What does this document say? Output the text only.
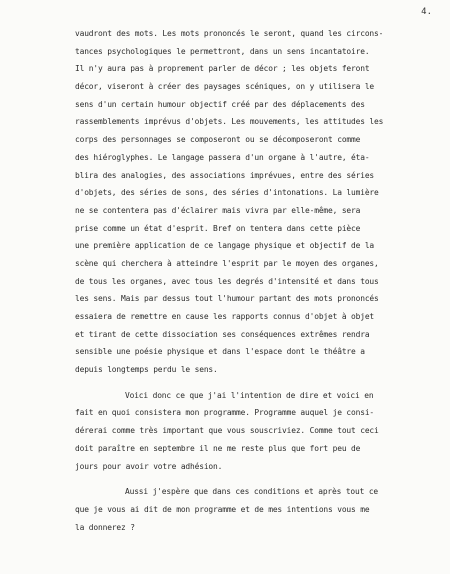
4.
vaudront des mots. Les mots prononcés le seront, quand les circons-
tances psychologiques le permettront, dans un sens incantatoire.
Il n'y aura pas à proprement parler de décor ; les objets feront
décor, viseront à créer des paysages scéniques, on y utilisera le
sens d'un certain humour objectif créé par des déplacements des
rassemblements imprévus d'objets. Les mouvements, les attitudes les
corps des personnages se composeront ou se décomposeront comme
des hiéroglyphes. Le langage passera d'un organe à l'autre, éta-
blira des analogies, des associations imprévues, entre des séries
d'objets, des séries de sons, des séries d'intonations. La lumière
ne se contentera pas d'éclairer mais vivra par elle-même, sera
prise comme un état d'esprit. Bref on tentera dans cette pièce
une première application de ce langage physique et objectif de la
scène qui cherchera à atteindre l'esprit par le moyen des organes,
de tous les organes, avec tous les degrés d'intensité et dans tous
les sens. Mais par dessus tout l'humour partant des mots prononcés
essaiera de remettre en cause les rapports connus d'objet à objet
et tirant de cette dissociation ses conséquences extrêmes rendra
sensible une poésie physique et dans l'espace dont le théâtre a
depuis longtemps perdu le sens.
Voici donc ce que j'ai l'intention de dire et voici en
fait en quoi consistera mon programme. Programme auquel je consi-
dérerai comme très important que vous souscriviez. Comme tout ceci
doit paraître en septembre il ne me reste plus que fort peu de
jours pour avoir votre adhésion.
Aussi j'espère que dans ces conditions et après tout ce
que je vous ai dit de mon programme et de mes intentions vous me
la donnerez ?
